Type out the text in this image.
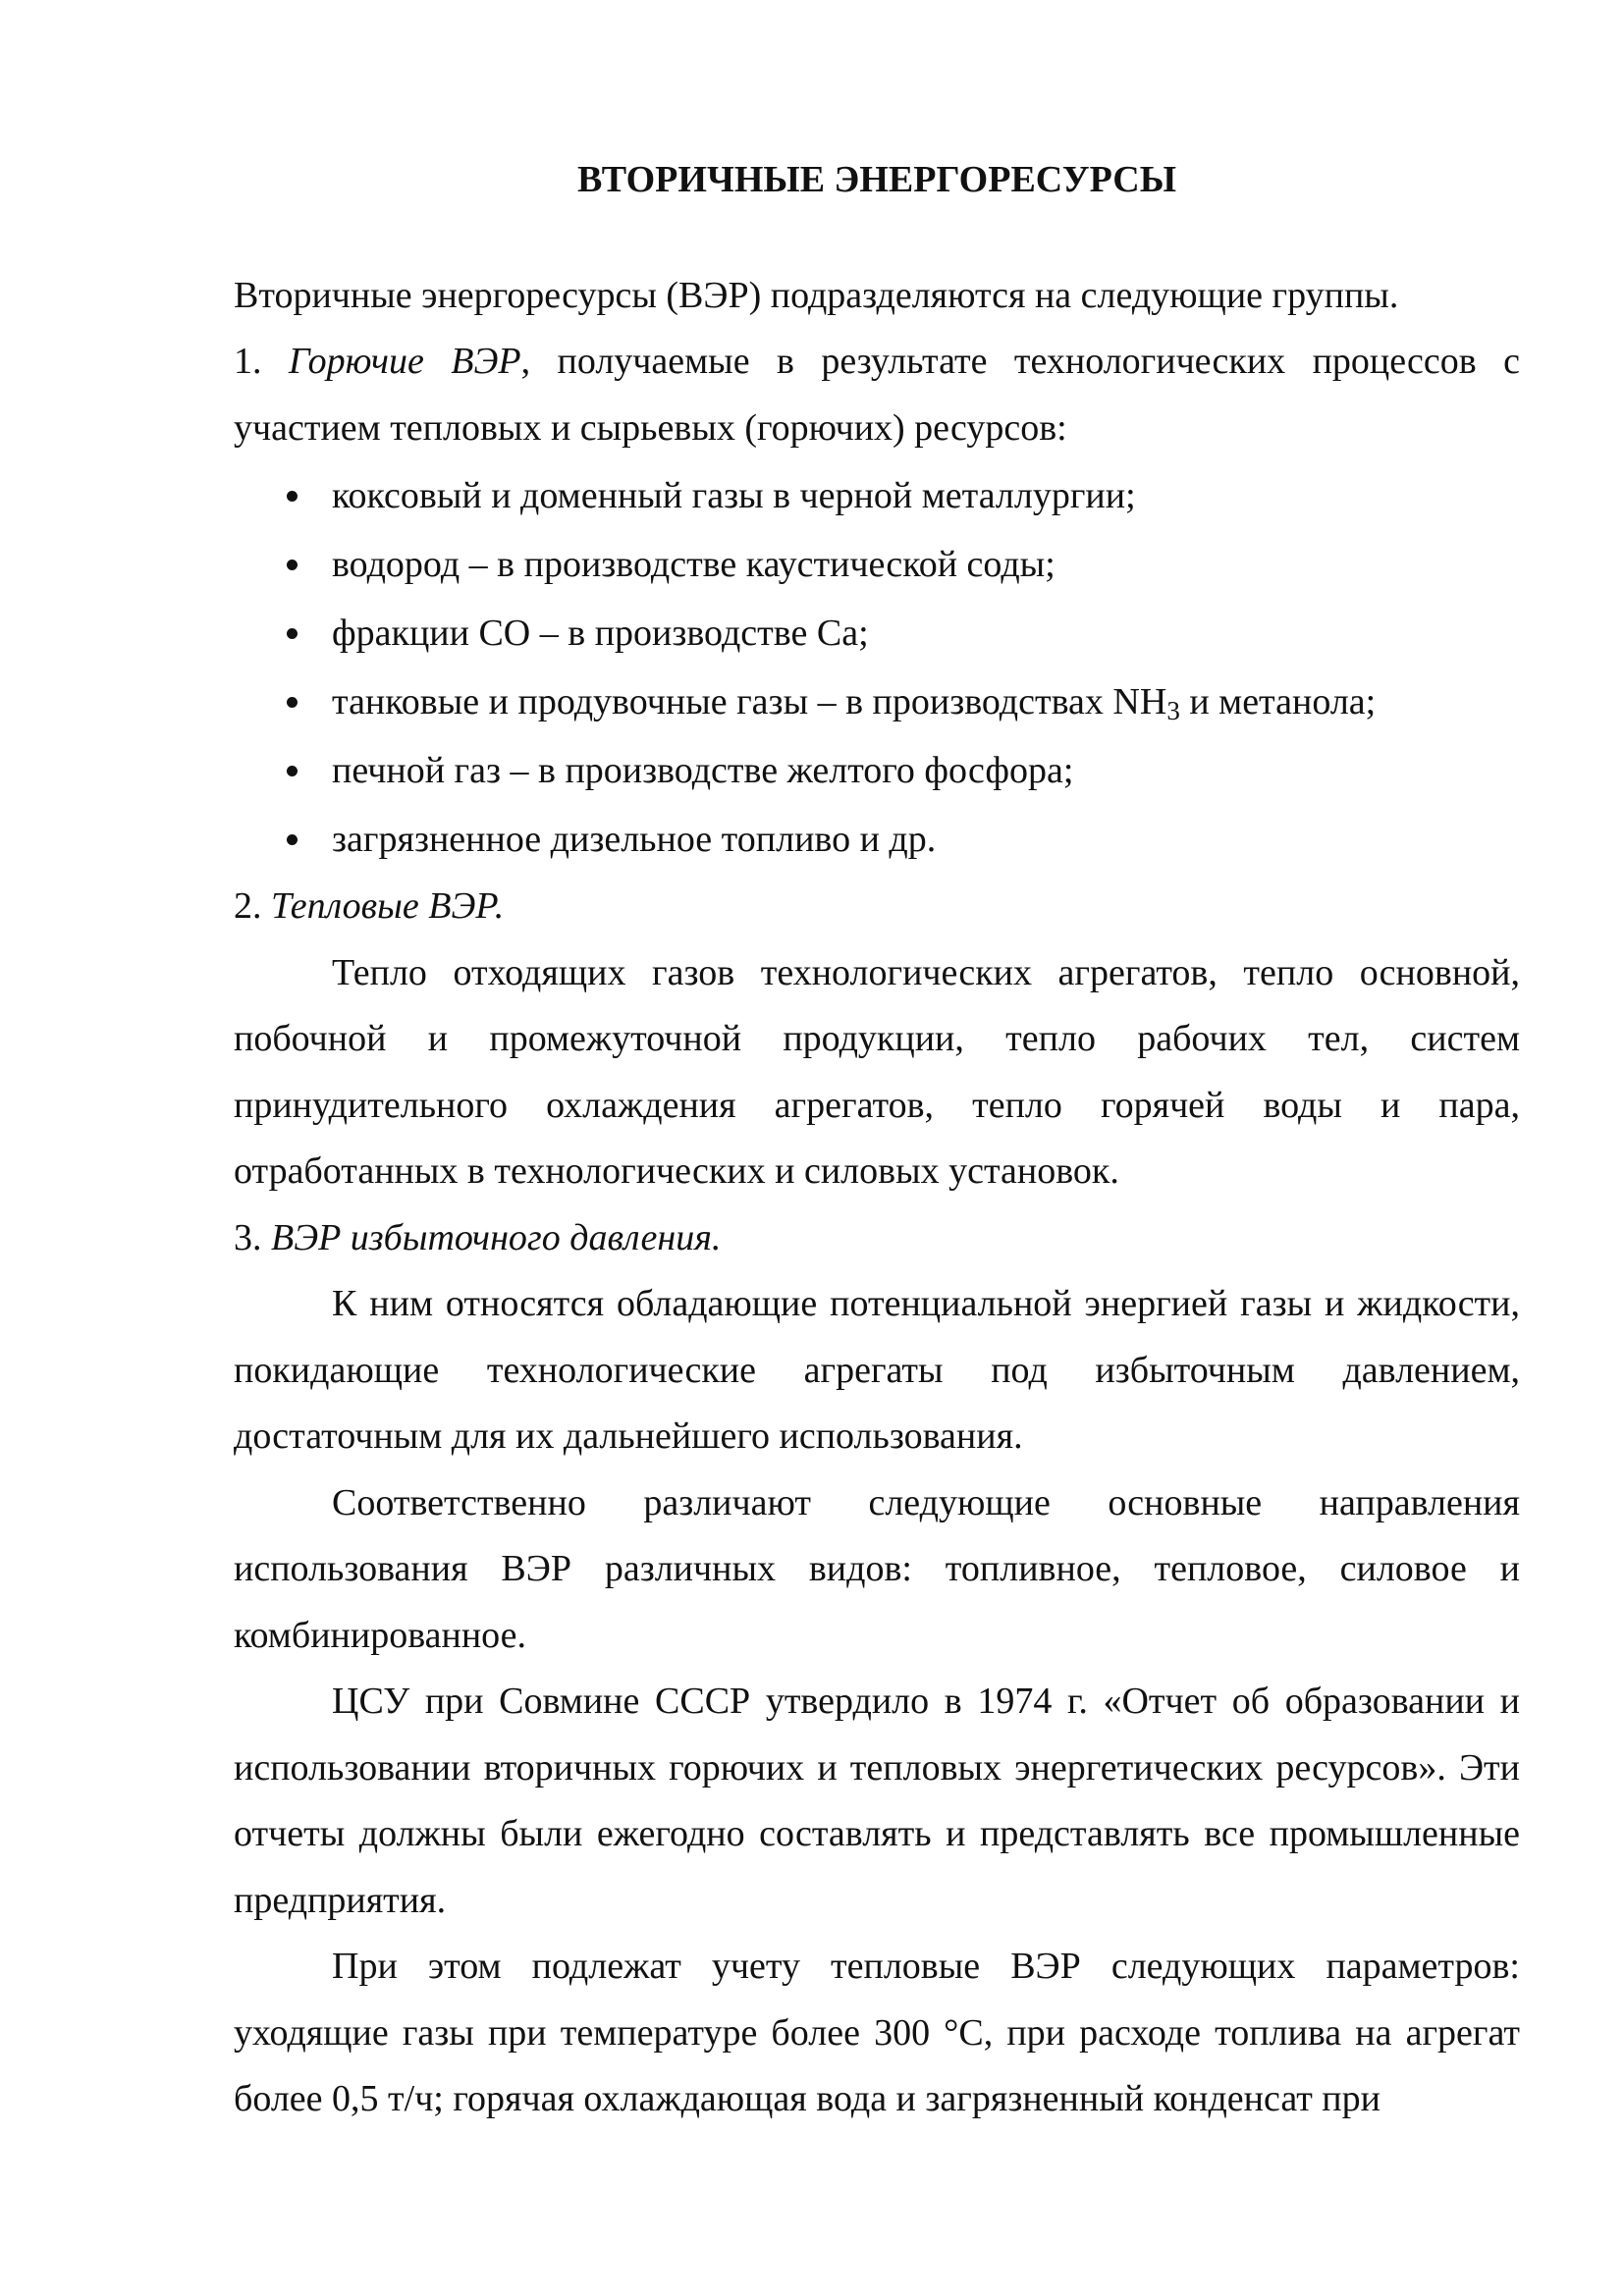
ВТОРИЧНЫЕ ЭНЕРГОРЕСУРСЫ

Вторичные энергоресурсы (ВЭР) подразделяются на следующие группы.

1. Горючие ВЭР, получаемые в результате технологических процессов с участием тепловых и сырьевых (горючих) ресурсов:

коксовый и доменный газы в черной металлургии;
водород – в производстве каустической соды;
фракции CO – в производстве Ca;
танковые и продувочные газы – в производствах $NH_3$ и метанола;
печной газ – в производстве желтого фосфора;
загрязненное дизельное топливо и др.

2. Тепловые ВЭР.

Тепло отходящих газов технологических агрегатов, тепло основной, побочной и промежуточной продукции, тепло рабочих тел, систем принудительного охлаждения агрегатов, тепло горячей воды и пара, отработанных в технологических и силовых установок.

3. ВЭР избыточного давления.

К ним относятся обладающие потенциальной энергией газы и жидкости, покидающие технологические агрегаты под избыточным давлением, достаточным для их дальнейшего использования.

Соответственно различают следующие основные направления использования ВЭР различных видов: топливное, тепловое, силовое и комбинированное.

ЦСУ при Совмине СССР утвердило в 1974 г. «Отчет об образовании и использовании вторичных горючих и тепловых энергетических ресурсов». Эти отчеты должны были ежегодно составлять и представлять все промышленные предприятия.

При этом подлежат учету тепловые ВЭР следующих параметров: уходящие газы при температуре более 300 °С, при расходе топлива на агрегат более 0,5 т/ч; горячая охлаждающая вода и загрязненный конденсат при
